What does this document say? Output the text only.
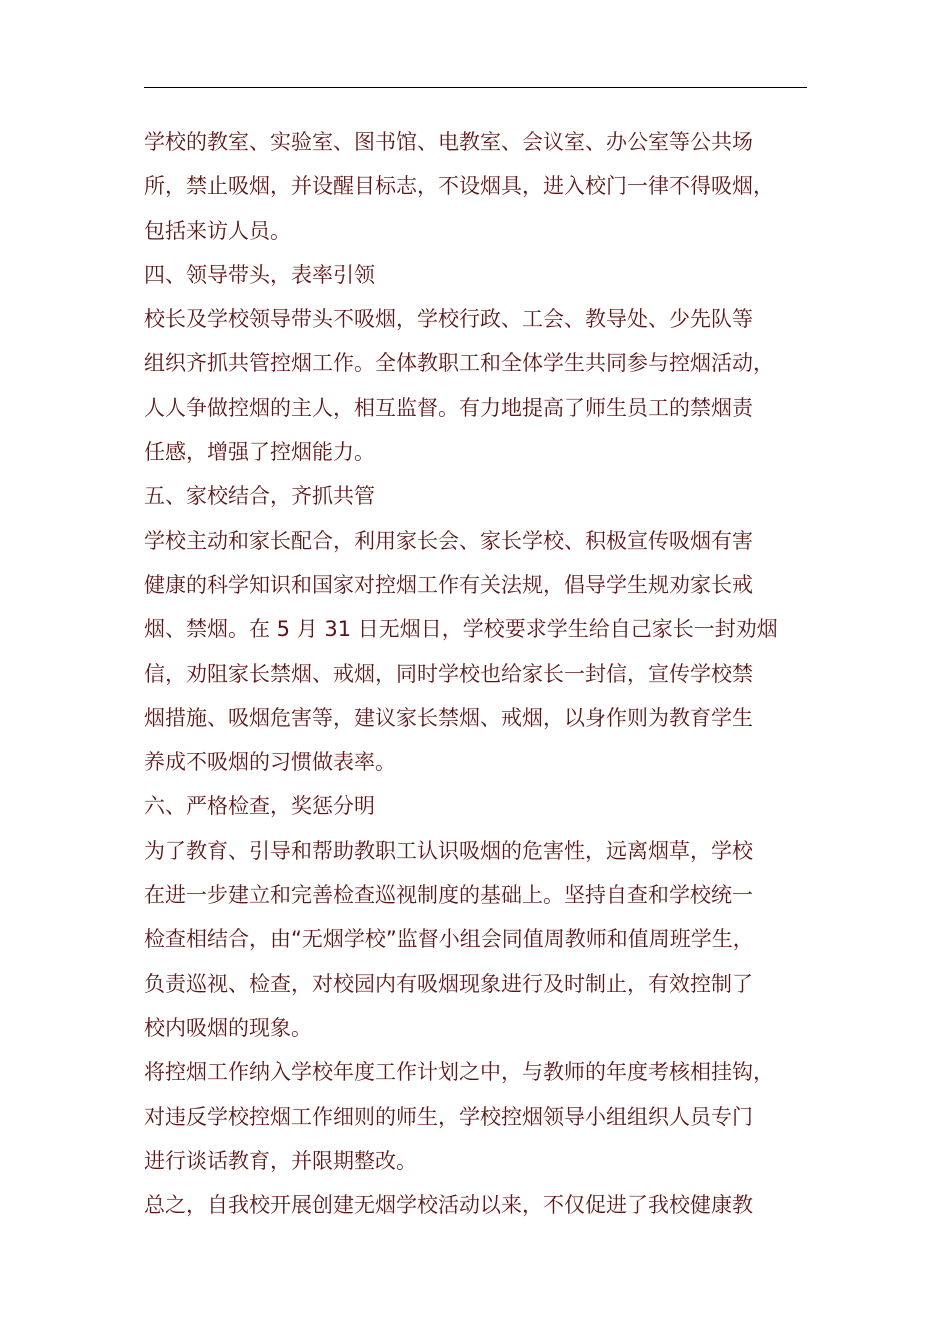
学校的教室、实验室、图书馆、电教室、会议室、办公室等公共场
所，禁止吸烟，并设醒目标志，不设烟具，进入校门一律不得吸烟，
包括来访人员。
四、领导带头，表率引领
校长及学校领导带头不吸烟，学校行政、工会、教导处、少先队等
组织齐抓共管控烟工作。全体教职工和全体学生共同参与控烟活动，
人人争做控烟的主人，相互监督。有力地提高了师生员工的禁烟责
任感，增强了控烟能力。
五、家校结合，齐抓共管
学校主动和家长配合，利用家长会、家长学校、积极宣传吸烟有害
健康的科学知识和国家对控烟工作有关法规，倡导学生规劝家长戒
烟、禁烟。在 5 月 31 日无烟日，学校要求学生给自己家长一封劝烟
信，劝阻家长禁烟、戒烟，同时学校也给家长一封信，宣传学校禁
烟措施、吸烟危害等，建议家长禁烟、戒烟，以身作则为教育学生
养成不吸烟的习惯做表率。
六、严格检查，奖惩分明
为了教育、引导和帮助教职工认识吸烟的危害性，远离烟草，学校
在进一步建立和完善检查巡视制度的基础上。坚持自查和学校统一
检查相结合，由“无烟学校”监督小组会同值周教师和值周班学生，
负责巡视、检查，对校园内有吸烟现象进行及时制止，有效控制了
校内吸烟的现象。
将控烟工作纳入学校年度工作计划之中，与教师的年度考核相挂钩，
对违反学校控烟工作细则的师生，学校控烟领导小组组织人员专门
进行谈话教育，并限期整改。
总之，自我校开展创建无烟学校活动以来，不仅促进了我校健康教
